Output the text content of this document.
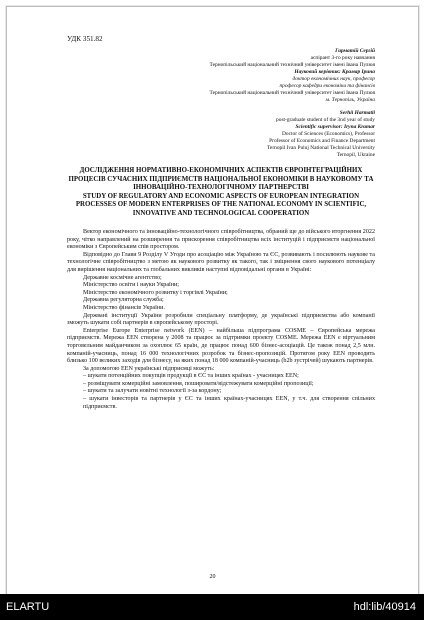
УДК 351.82
Гарматій Сергій
аспірант 3-го року навчання
Тернопільський національний технічний університет імені Івана Пулюя
Науковий керівник: Крамар Ірина
доктор економічних наук, професор
професор кафедри економіки та фінансів
Тернопільський національний технічний університет імені Івана Пулюя
м. Тернопіль, Україна
Serhii Harmatii
post-graduate student of the 3nd year of study
Scientific supervisor: Iryna Kramar
Doctor of Sciences (Economics), Professor
Professor of Economics and Finance Department
Ternopil Ivan Puluj National Technical University
Ternopil, Ukraine
ДОСЛІДЖЕННЯ НОРМАТИВНО-ЕКОНОМІЧНИХ АСПЕКТІВ ЄВРОІНТЕГРАЦІЙНИХ ПРОЦЕСІВ СУЧАСНИХ ПІДПРИЄМСТВ НАЦІОНАЛЬНОЇ ЕКОНОМІКИ В НАУКОВОМУ ТА ІННОВАЦІЙНО-ТЕХНОЛОГІЧНОМУ ПАРТНЕРСТВІ
STUDY OF REGULATORY AND ECONOMIC ASPECTS OF EUROPEAN INTEGRATION PROCESSES OF MODERN ENTERPRISES OF THE NATIONAL ECONOMY IN SCIENTIFIC, INNOVATIVE AND TECHNOLOGICAL COOPERATION

Вектор економічного та інноваційно-технологічного співробітництва, обраний ще до війського вторгнення 2022 року, чітко направлений на розширення та прискорення співробітництва всіх інституцій і підприємств національної економіки з Європейським спів простором.

Відповідно до Глави 9 Розділу V Угоди про асоціацію між Україною та ЄС, розвивають і посилюють наукове та технологічне співробітництво з метою як наукового розвитку як такого, так і зміцнення свого наукового потенціалу для вирішення національних та глобальних викликів наступні відповідальні органи в Україні:

Державне космічне агентство;

Міністерство освіти і науки України;

Міністерство економічного розвитку і торгівлі України;

Державна регуляторна служба;

Міністерство фінансів України.

Держвані інституції України розробили спеціальну платформу, де українські підприємства або компанії зможуть шукати собі партнерів в європейському просторі.

Enterprise Europe Enterprise network (EEN) – найбільша підпрограма COSME – Європейська мережа підприємств. Мережа EEN створена у 2008 та працює за підтримки проекту COSME. Мережа EEN є віртуальним торговельним майданчиком за охоплює 65 країн, де працює понад 600 бізнес-асоціацій. Це також понад 2,5 млн. компаній-учасниць, понад 16 000 технологічних розробок та бізнес-пропозицій. Протягом року EEN проводить близько 100 великих заходів для бізнесу, на яких понад 18 000 компаній-учасниць (b2b зустрічей) шукають партнерів.

За допомогою EEN українські підприємці можуть:

– шукати потенційних покупців продукції в ЄС та інших країнах - учасницях EEN;

– розміщувати комерційні замовлення, пошировати/відстежувати комерційні пропозиції;

– шукати та залучати новітні технології з-за кордону;

– шукати інвесторів та партнерів у ЄС та інших країнах-учасницях EEN, у т.ч. для створення спільних підприємств.

20
ELARTU	hdl:lib/40914
